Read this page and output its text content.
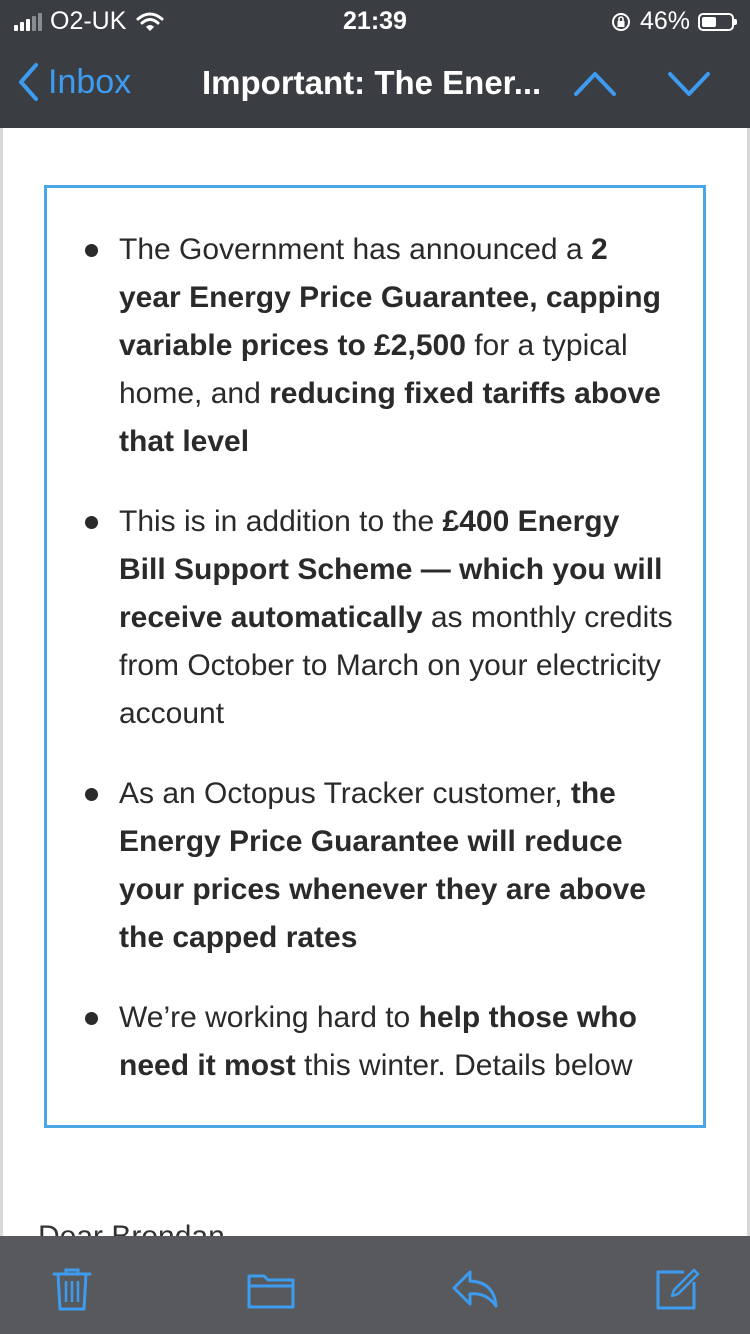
O2-UK	21:39	46%
Inbox Important: The Ener...
The Government has announced a 2 year Energy Price Guarantee, capping variable prices to £2,500 for a typical home, and reducing fixed tariffs above that level
This is in addition to the £400 Energy Bill Support Scheme — which you will receive automatically as monthly credits from October to March on your electricity account
As an Octopus Tracker customer, the Energy Price Guarantee will reduce your prices whenever they are above the capped rates
We’re working hard to help those who need it most this winter. Details below
